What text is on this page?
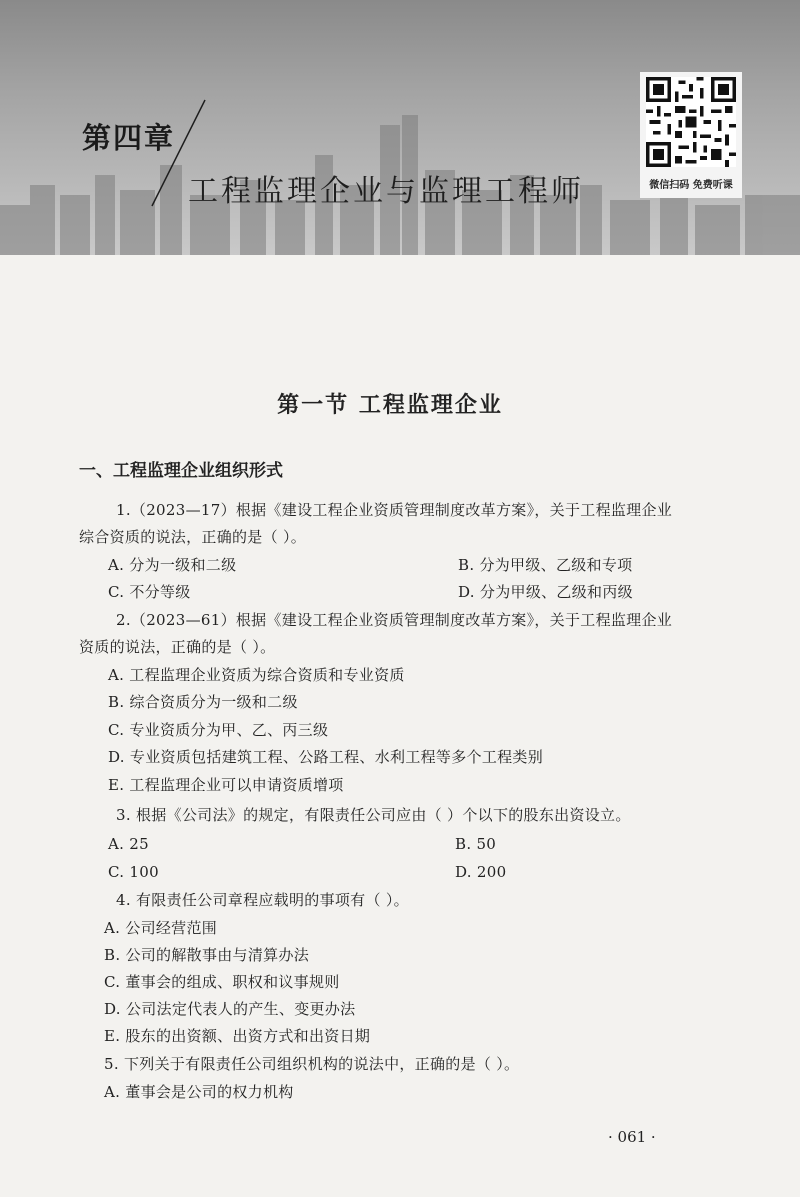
第四章
工程监理企业与监理工程师	微信扫码 免费听课
第一节 工程监理企业
一、工程监理企业组织形式
1.（2023—17）根据《建设工程企业资质管理制度改革方案》，关于工程监理企业
综合资质的说法，正确的是（ ）。
A. 分为一级和二级	B. 分为甲级、乙级和专项
C. 不分等级	D. 分为甲级、乙级和丙级
2.（2023—61）根据《建设工程企业资质管理制度改革方案》，关于工程监理企业
资质的说法，正确的是（ ）。
A. 工程监理企业资质为综合资质和专业资质
B. 综合资质分为一级和二级
C. 专业资质分为甲、乙、丙三级
D. 专业资质包括建筑工程、公路工程、水利工程等多个工程类别
E. 工程监理企业可以申请资质增项
3. 根据《公司法》的规定，有限责任公司应由（ ）个以下的股东出资设立。
A. 25	B. 50
C. 100	D. 200
4. 有限责任公司章程应载明的事项有（ ）。
A. 公司经营范围
B. 公司的解散事由与清算办法
C. 董事会的组成、职权和议事规则
D. 公司法定代表人的产生、变更办法
E. 股东的出资额、出资方式和出资日期
5. 下列关于有限责任公司组织机构的说法中，正确的是（ ）。
A. 董事会是公司的权力机构
· 061 ·
